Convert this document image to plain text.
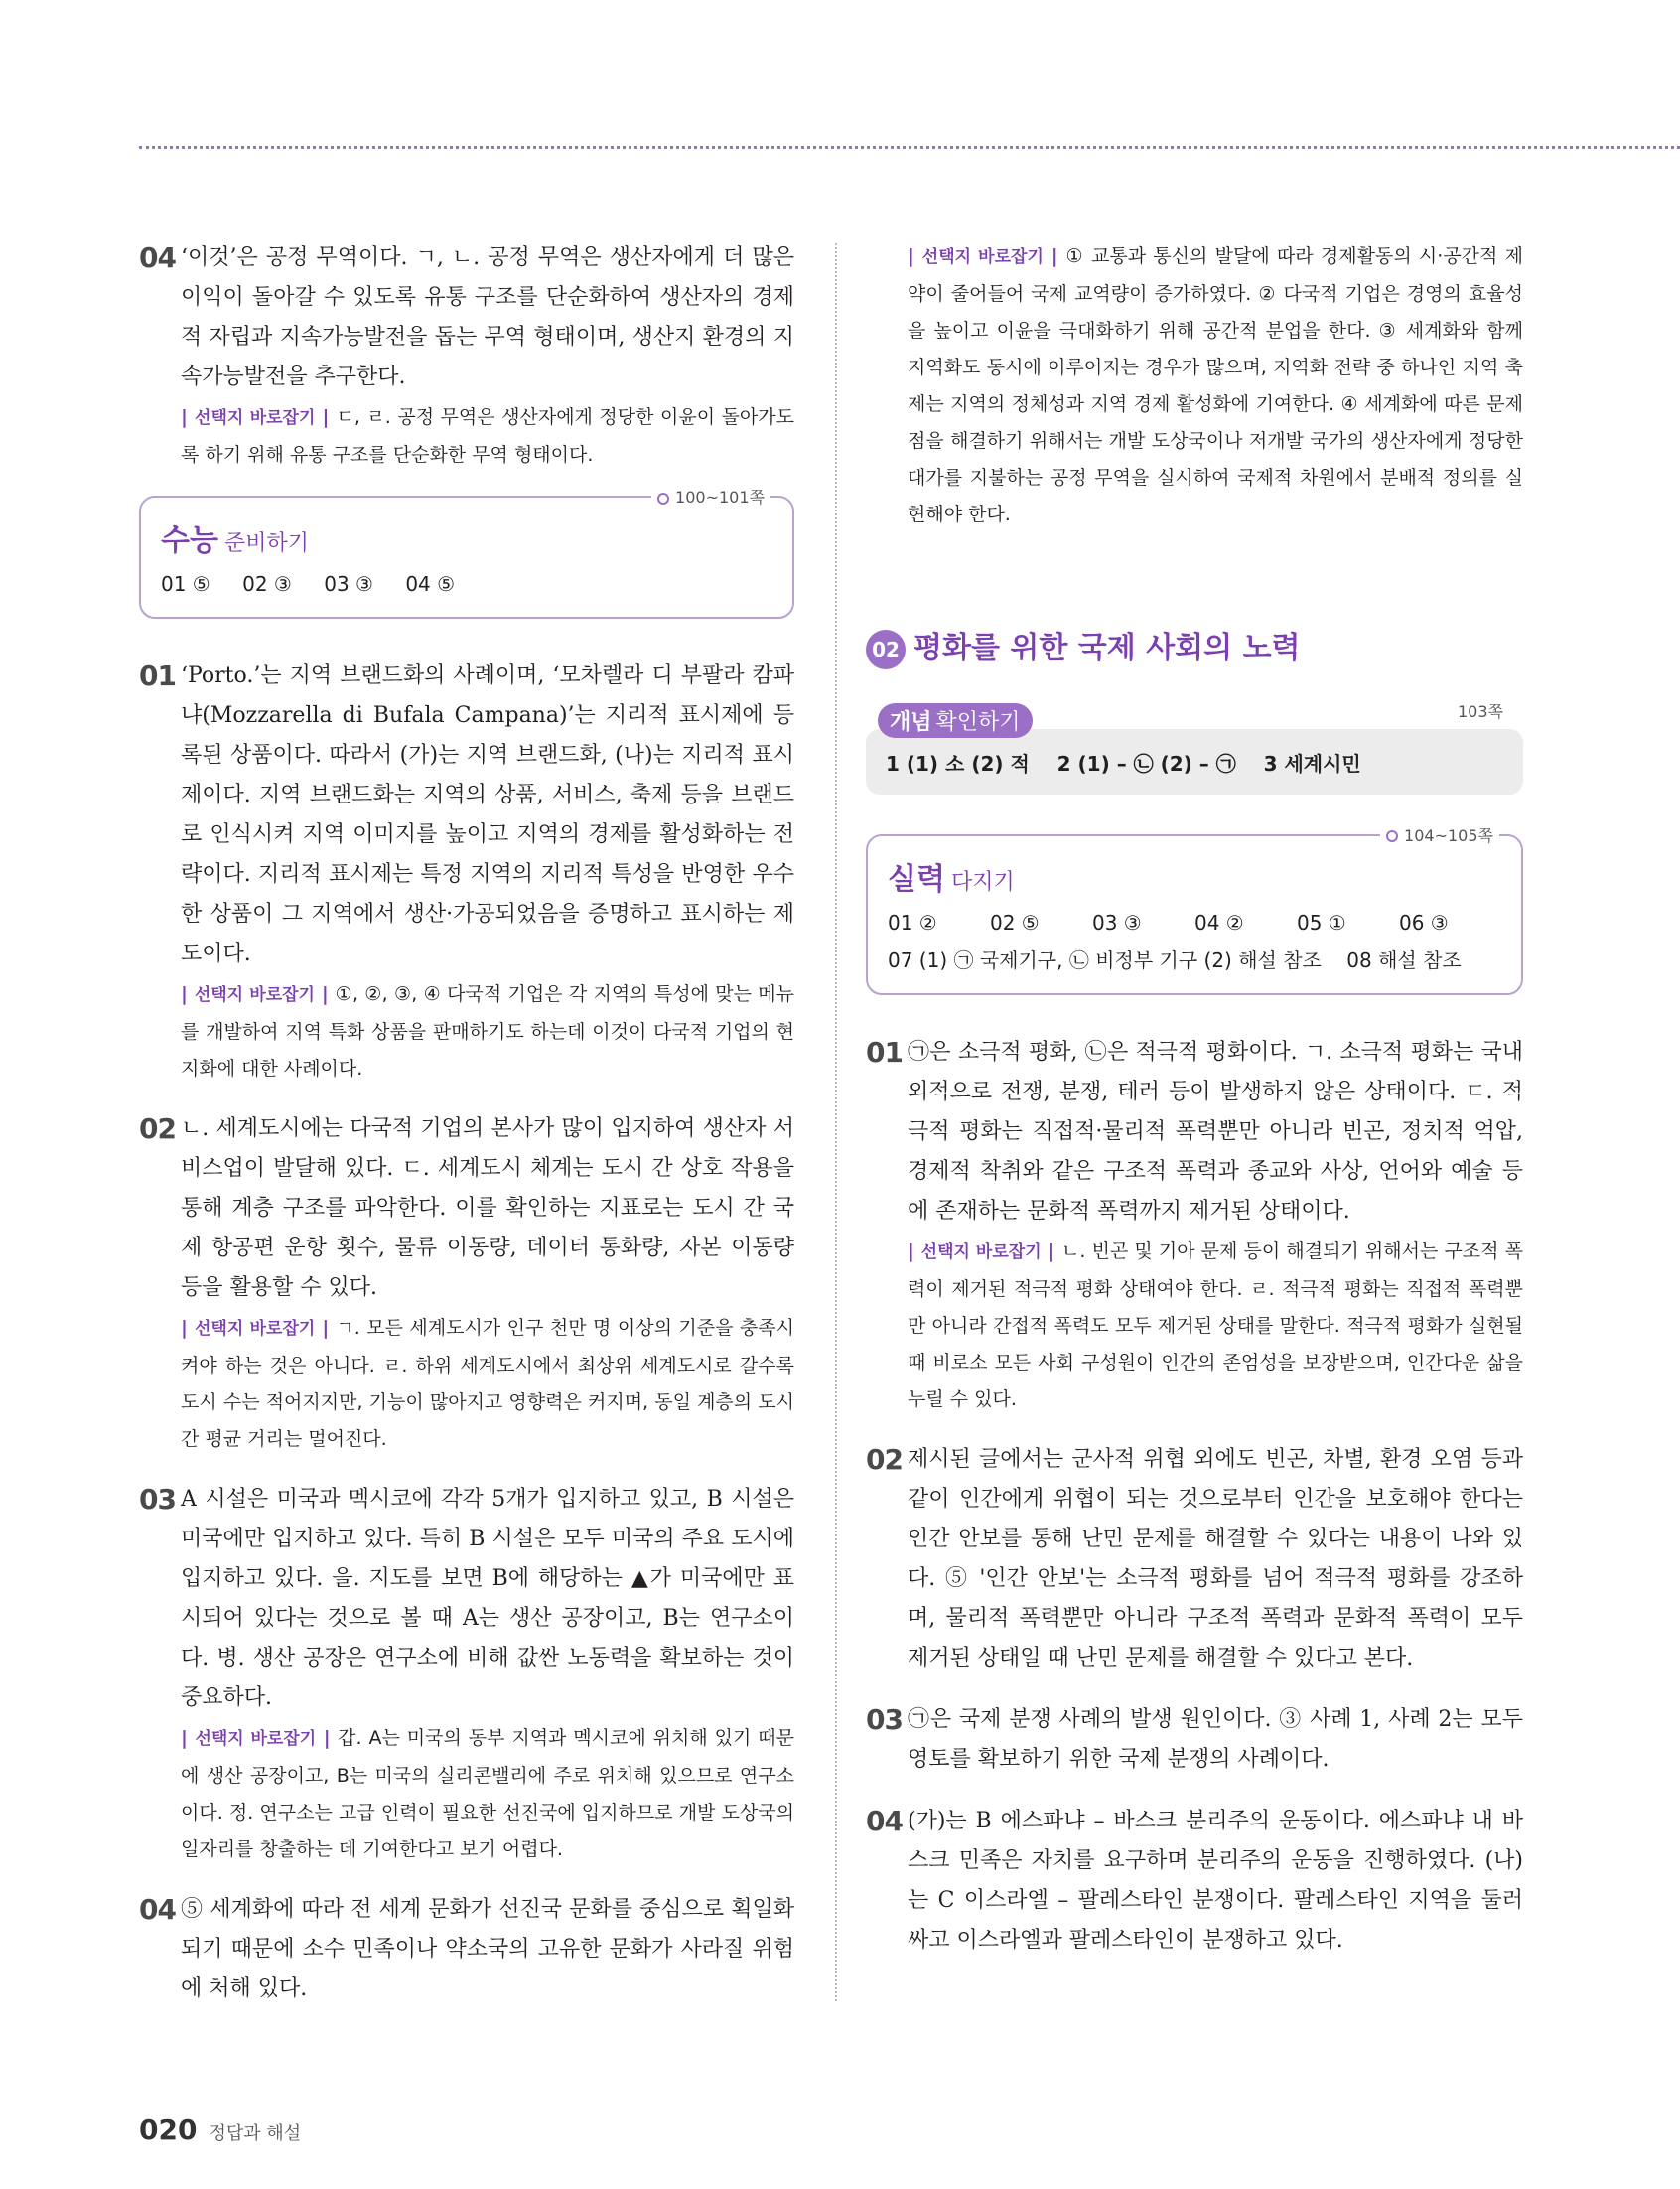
04 ‘이것’은 공정 무역이다. ㄱ, ㄴ. 공정 무역은 생산자에게 더 많은 이익이 돌아갈 수 있도록 유통 구조를 단순화하여 생산자의 경제적 자립과 지속가능발전을 돕는 무역 형태이며, 생산지 환경의 지속가능발전을 추구한다.
| 선택지 바로잡기 | ㄷ, ㄹ. 공정 무역은 생산자에게 정당한 이윤이 돌아가도록 하기 위해 유통 구조를 단순화한 무역 형태이다.
100~101쪽
수능 준비하기
01 ⑤ 02 ③ 03 ③ 04 ⑤
01 ‘Porto.’는 지역 브랜드화의 사례이며, ‘모차렐라 디 부팔라 캄파냐(Mozzarella di Bufala Campana)’는 지리적 표시제에 등록된 상품이다. 따라서 (가)는 지역 브랜드화, (나)는 지리적 표시제이다. 지역 브랜드화는 지역의 상품, 서비스, 축제 등을 브랜드로 인식시켜 지역 이미지를 높이고 지역의 경제를 활성화하는 전략이다. 지리적 표시제는 특정 지역의 지리적 특성을 반영한 우수한 상품이 그 지역에서 생산·가공되었음을 증명하고 표시하는 제도이다.
| 선택지 바로잡기 | ①, ②, ③, ④ 다국적 기업은 각 지역의 특성에 맞는 메뉴를 개발하여 지역 특화 상품을 판매하기도 하는데 이것이 다국적 기업의 현지화에 대한 사례이다.
02 ㄴ. 세계도시에는 다국적 기업의 본사가 많이 입지하여 생산자 서비스업이 발달해 있다. ㄷ. 세계도시 체계는 도시 간 상호 작용을 통해 계층 구조를 파악한다. 이를 확인하는 지표로는 도시 간 국제 항공편 운항 횟수, 물류 이동량, 데이터 통화량, 자본 이동량 등을 활용할 수 있다.
| 선택지 바로잡기 | ㄱ. 모든 세계도시가 인구 천만 명 이상의 기준을 충족시켜야 하는 것은 아니다. ㄹ. 하위 세계도시에서 최상위 세계도시로 갈수록 도시 수는 적어지지만, 기능이 많아지고 영향력은 커지며, 동일 계층의 도시 간 평균 거리는 멀어진다.
03 A 시설은 미국과 멕시코에 각각 5개가 입지하고 있고, B 시설은 미국에만 입지하고 있다. 특히 B 시설은 모두 미국의 주요 도시에 입지하고 있다. 을. 지도를 보면 B에 해당하는 ▲가 미국에만 표시되어 있다는 것으로 볼 때 A는 생산 공장이고, B는 연구소이다. 병. 생산 공장은 연구소에 비해 값싼 노동력을 확보하는 것이 중요하다.
| 선택지 바로잡기 | 갑. A는 미국의 동부 지역과 멕시코에 위치해 있기 때문에 생산 공장이고, B는 미국의 실리콘밸리에 주로 위치해 있으므로 연구소이다. 정. 연구소는 고급 인력이 필요한 선진국에 입지하므로 개발 도상국의 일자리를 창출하는 데 기여한다고 보기 어렵다.
04 ⑤ 세계화에 따라 전 세계 문화가 선진국 문화를 중심으로 획일화되기 때문에 소수 민족이나 약소국의 고유한 문화가 사라질 위험에 처해 있다.
| 선택지 바로잡기 | ① 교통과 통신의 발달에 따라 경제활동의 시·공간적 제약이 줄어들어 국제 교역량이 증가하였다. ② 다국적 기업은 경영의 효율성을 높이고 이윤을 극대화하기 위해 공간적 분업을 한다. ③ 세계화와 함께 지역화도 동시에 이루어지는 경우가 많으며, 지역화 전략 중 하나인 지역 축제는 지역의 정체성과 지역 경제 활성화에 기여한다. ④ 세계화에 따른 문제점을 해결하기 위해서는 개발 도상국이나 저개발 국가의 생산자에게 정당한 대가를 지불하는 공정 무역을 실시하여 국제적 차원에서 분배적 정의를 실현해야 한다.
02 평화를 위한 국제 사회의 노력
개념 확인하기	103쪽
1 (1) 소 (2) 적    2 (1) – ㉡ (2) – ㉠    3 세계시민
104~105쪽
실력 다지기
01 ②	02 ⑤	03 ③	04 ②	05 ①	06 ③
07 (1) ㉠ 국제기구, ㉡ 비정부 기구 (2) 해설 참조    08 해설 참조
01 ㉠은 소극적 평화, ㉡은 적극적 평화이다. ㄱ. 소극적 평화는 국내외적으로 전쟁, 분쟁, 테러 등이 발생하지 않은 상태이다. ㄷ. 적극적 평화는 직접적·물리적 폭력뿐만 아니라 빈곤, 정치적 억압, 경제적 착취와 같은 구조적 폭력과 종교와 사상, 언어와 예술 등에 존재하는 문화적 폭력까지 제거된 상태이다.
| 선택지 바로잡기 | ㄴ. 빈곤 및 기아 문제 등이 해결되기 위해서는 구조적 폭력이 제거된 적극적 평화 상태여야 한다. ㄹ. 적극적 평화는 직접적 폭력뿐만 아니라 간접적 폭력도 모두 제거된 상태를 말한다. 적극적 평화가 실현될 때 비로소 모든 사회 구성원이 인간의 존엄성을 보장받으며, 인간다운 삶을 누릴 수 있다.
02 제시된 글에서는 군사적 위협 외에도 빈곤, 차별, 환경 오염 등과 같이 인간에게 위협이 되는 것으로부터 인간을 보호해야 한다는 인간 안보를 통해 난민 문제를 해결할 수 있다는 내용이 나와 있다. ⑤ '인간 안보'는 소극적 평화를 넘어 적극적 평화를 강조하며, 물리적 폭력뿐만 아니라 구조적 폭력과 문화적 폭력이 모두 제거된 상태일 때 난민 문제를 해결할 수 있다고 본다.
03 ㉠은 국제 분쟁 사례의 발생 원인이다. ③ 사례 1, 사례 2는 모두 영토를 확보하기 위한 국제 분쟁의 사례이다.
04 (가)는 B 에스파냐 – 바스크 분리주의 운동이다. 에스파냐 내 바스크 민족은 자치를 요구하며 분리주의 운동을 진행하였다. (나)는 C 이스라엘 – 팔레스타인 분쟁이다. 팔레스타인 지역을 둘러싸고 이스라엘과 팔레스타인이 분쟁하고 있다.
020 정답과 해설
